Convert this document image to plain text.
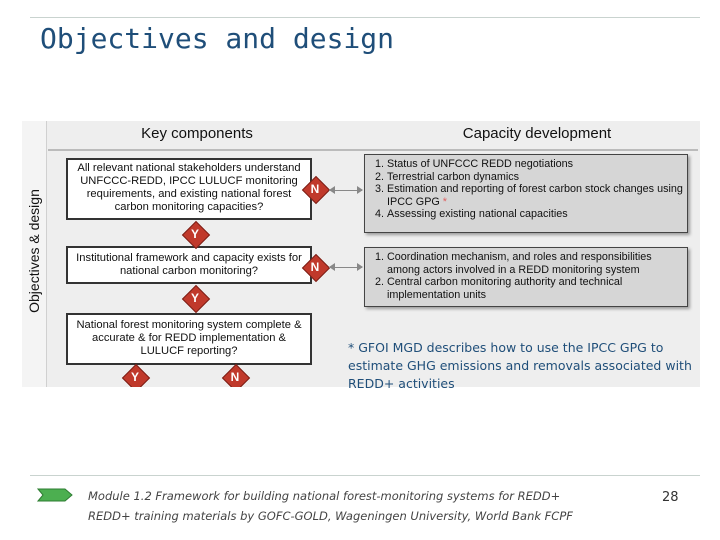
Objectives and design
Objectives & design
Key components	Capacity development
All relevant national stakeholders understand UNFCCC-REDD, IPCC LULUCF monitoring requirements, and existing national forest carbon monitoring capacities?
Institutional framework and capacity exists for national carbon monitoring?
National forest monitoring system complete & accurate & for REDD implementation & LULUCF reporting?
Y
Y
Y
N
N
N
1. Status of UNFCCC REDD negotiations
2. Terrestrial carbon dynamics
3. Estimation and reporting of forest carbon stock changes using IPCC GPG *
4. Assessing existing national capacities
1. Coordination mechanism, and roles and responsibilities among actors involved in a REDD monitoring system
2. Central carbon monitoring authority and technical implementation units
* GFOI MGD describes how to use the IPCC GPG to estimate GHG emissions and removals associated with REDD+ activities
Module 1.2 Framework for building national forest-monitoring systems for REDD+
REDD+ training materials by GOFC-GOLD, Wageningen University, World Bank FCPF
28
